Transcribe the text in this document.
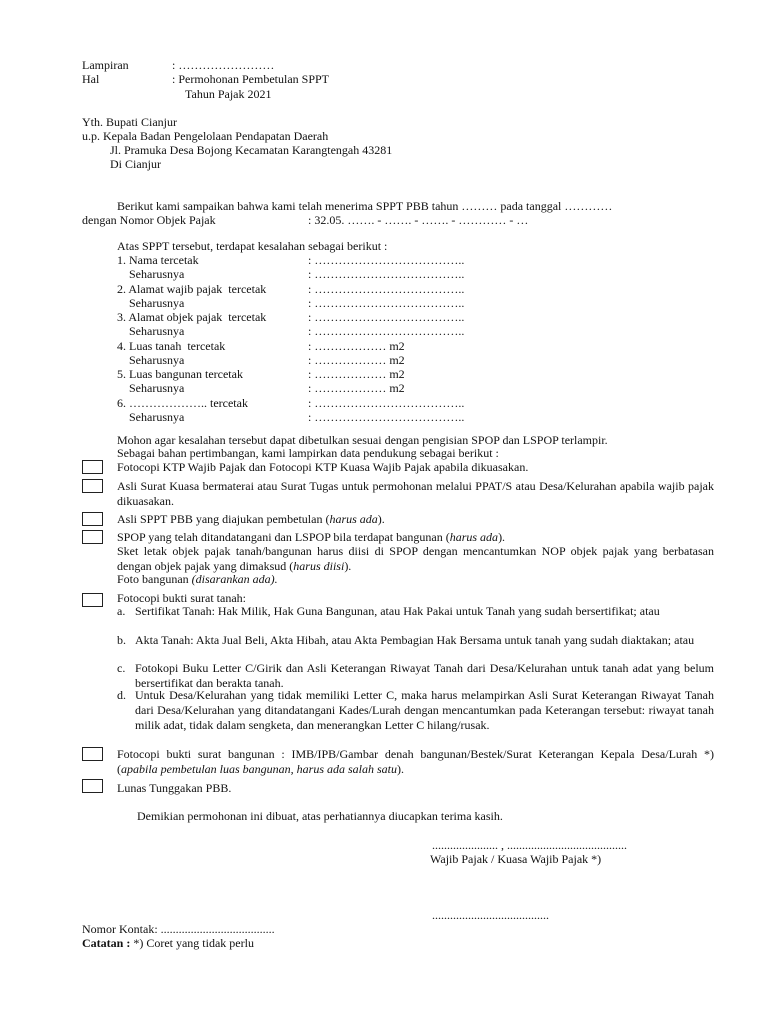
Lampiran	: ……………………
Hal	: Permohonan Pembetulan SPPT
Tahun Pajak 2021
Yth. Bupati Cianjur
u.p. Kepala Badan Pengelolaan Pendapatan Daerah
Jl. Pramuka Desa Bojong Kecamatan Karangtengah 43281
Di Cianjur
Berikut kami sampaikan bahwa kami telah menerima SPPT PBB tahun ……… pada tanggal …………
dengan Nomor Objek Pajak	: 32.05. ……. - ……. - ……. - ………… - …
Atas SPPT tersebut, terdapat kesalahan sebagai berikut :
1. Nama tercetak	: ………………………………..
Seharusnya	: ………………………………..
2. Alamat wajib pajak  tercetak	: ………………………………..
Seharusnya	: ………………………………..
3. Alamat objek pajak  tercetak	: ………………………………..
Seharusnya	: ………………………………..
4. Luas tanah  tercetak	: ……………… m2
Seharusnya	: ……………… m2
5. Luas bangunan tercetak	: ……………… m2
Seharusnya	: ……………… m2
6. ……………….. tercetak	: ………………………………..
Seharusnya	: ………………………………..
Mohon agar kesalahan tersebut dapat dibetulkan sesuai dengan pengisian SPOP dan LSPOP terlampir.
Sebagai bahan pertimbangan, kami lampirkan data pendukung sebagai berikut :
Fotocopi KTP Wajib Pajak dan Fotocopi KTP Kuasa Wajib Pajak apabila dikuasakan.
Asli Surat Kuasa bermaterai atau Surat Tugas untuk permohonan melalui PPAT/S atau Desa/Kelurahan apabila wajib pajak dikuasakan.
Asli SPPT PBB yang diajukan pembetulan (harus ada).
SPOP yang telah ditandatangani dan LSPOP bila terdapat bangunan (harus ada).
Sket letak objek pajak tanah/bangunan harus diisi di SPOP dengan mencantumkan NOP objek pajak yang berbatasan dengan objek pajak yang dimaksud (harus diisi).
Foto bangunan (disarankan ada).
Fotocopi bukti surat tanah:
a. Sertifikat Tanah: Hak Milik, Hak Guna Bangunan, atau Hak Pakai untuk Tanah yang sudah bersertifikat; atau
b. Akta Tanah: Akta Jual Beli, Akta Hibah, atau Akta Pembagian Hak Bersama untuk tanah yang sudah diaktakan; atau
c. Fotokopi Buku Letter C/Girik dan Asli Keterangan Riwayat Tanah dari Desa/Kelurahan untuk tanah adat yang belum bersertifikat dan berakta tanah.
d. Untuk Desa/Kelurahan yang tidak memiliki Letter C, maka harus melampirkan Asli Surat Keterangan Riwayat Tanah dari Desa/Kelurahan yang ditandatangani Kades/Lurah dengan mencantumkan pada Keterangan tersebut: riwayat tanah milik adat, tidak dalam sengketa, dan menerangkan Letter C hilang/rusak.
Fotocopi bukti surat bangunan : IMB/IPB/Gambar denah bangunan/Bestek/Surat Keterangan Kepala Desa/Lurah *) (apabila pembetulan luas bangunan, harus ada salah satu).
Lunas Tunggakan PBB.
Demikian permohonan ini dibuat, atas perhatiannya diucapkan terima kasih.
...................... , ........................................
Wajib Pajak / Kuasa Wajib Pajak *)
.......................................
Nomor Kontak: ......................................
Catatan : *) Coret yang tidak perlu
